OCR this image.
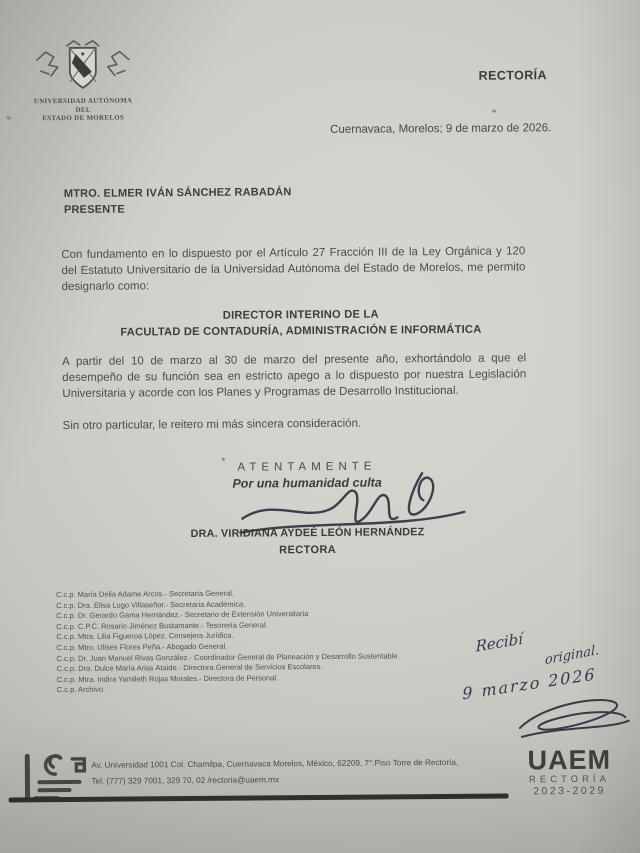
UNIVERSIDAD AUTÓNOMA DEL
ESTADO DE MORELOS
RECTORÍA
Cuernavaca, Morelos; 9 de marzo de 2026.
MTRO. ELMER IVÁN SÁNCHEZ RABADÁN
PRESENTE
Con fundamento en lo dispuesto por el Artículo 27 Fracción III de la Ley Orgánica y 120 del Estatuto Universitario de la Universidad Autónoma del Estado de Morelos, me permito designarlo como:
DIRECTOR INTERINO DE LA
FACULTAD DE CONTADURÍA, ADMINISTRACIÓN E INFORMÁTICA
A partir del 10 de marzo al 30 de marzo del presente año, exhortándolo a que el desempeño de su función sea en estricto apego a lo dispuesto por nuestra Legislación Universitaria y acorde con los Planes y Programas de Desarrollo Institucional.
Sin otro particular, le reitero mi más sincera consideración.
ATENTAMENTE
Por una humanidad culta
DRA. VIRIDIANA AYDEÉ LEÓN HERNÁNDEZ
RECTORA
C.c.p. María Delia Adame Arcos.- Secretaria General.
C.c.p. Dra. Elisa Lugo Villaseñor.- Secretaria Académica.
C.c.p. Dr. Gerardo Gama Hernández.- Secretario de Extensión Universitaria
C.c.p. C.P.C. Rosario Jiménez Bustamante.- Tesorería General.
C.c.p. Mtra. Lilia Figueroa López. Consejera Jurídica.
C.c.p. Mtro. Ulises Flores Peña.- Abogado General.
C.c.p. Dr. Juan Manuel Rivas González.- Coordinador General de Planeación y Desarrollo Sustentable.
C.c.p. Dra. Dulce María Arias Ataide.- Directora General de Servicios Escolares.
C.c.p. Mtra. Indira Yamileth Rojas Morales.- Directora de Personal.
C.c.p. Archivo.
Recibí original.
9 marzo 2026
Av. Universidad 1001 Col. Chamilpa, Cuernavaca Morelos, México, 62209, 7°.Piso Torre de Rectoría,
Tel. (777) 329 7001, 329 70, 02 /rectoria@uaem.mx
UAEM
RECTORÍA
2023-2029
